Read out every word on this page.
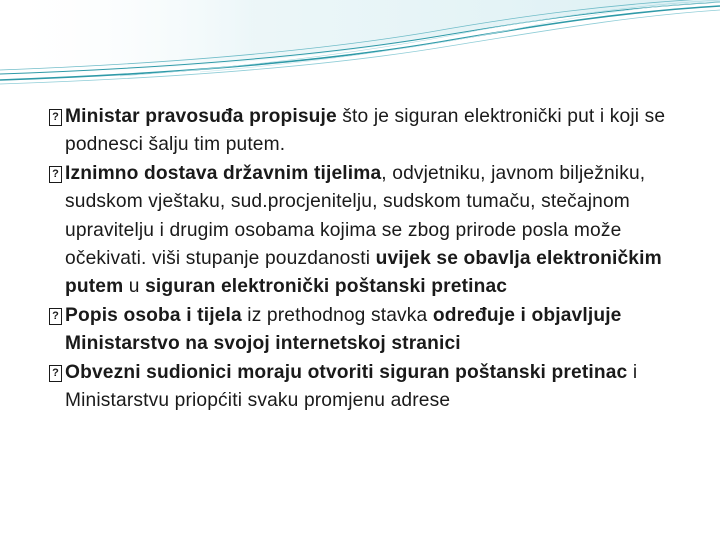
? Ministar pravosuđa propisuje što je siguran elektronički put i koji se podnesci šalju tim putem.

? Iznimno dostava državnim tijelima, odvjetniku, javnom bilježniku, sudskom vještaku, sud.procjenitelju, sudskom tumaču, stečajnom upravitelju i drugim osobama kojima se zbog prirode posla može očekivati. viši stupanje pouzdanosti uvijek se obavlja elektroničkim putem u siguran elektronički poštanski pretinac

? Popis osoba i tijela iz prethodnog stavka određuje i objavljuje Ministarstvo na svojoj internetskoj stranici

? Obvezni sudionici moraju otvoriti siguran poštanski pretinac i Ministarstvu priopćiti svaku promjenu adrese
